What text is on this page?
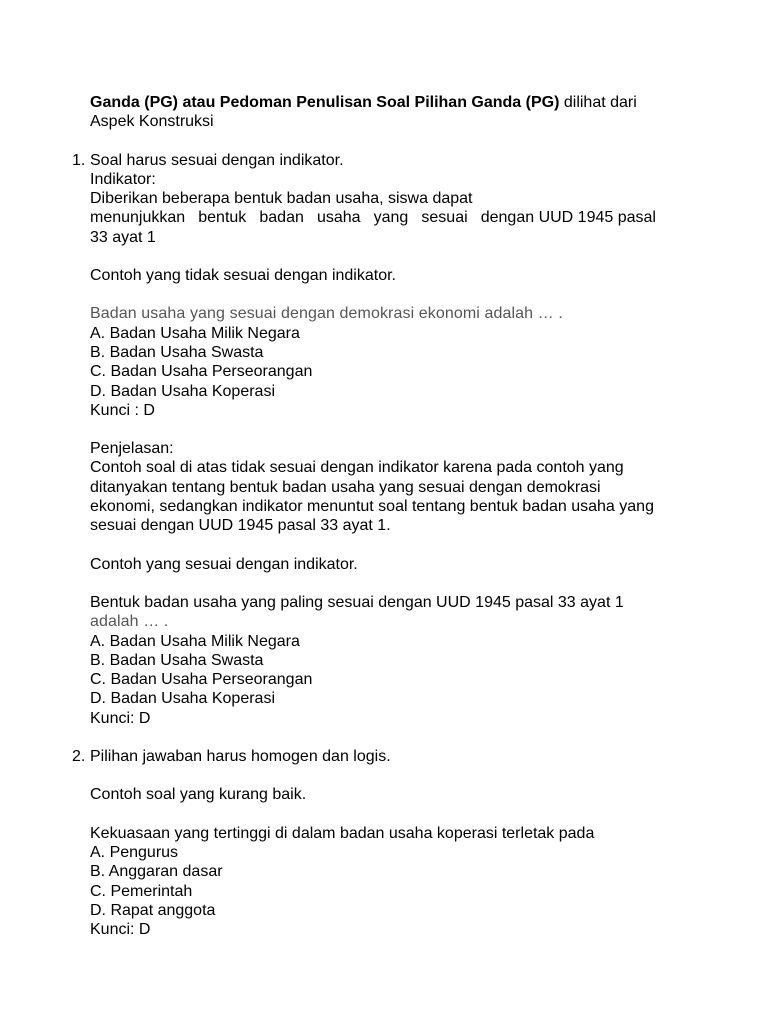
Ganda (PG) atau Pedoman Penulisan Soal Pilihan Ganda (PG) dilihat dari
Aspek Konstruksi
1. Soal harus sesuai dengan indikator.
Indikator:
Diberikan beberapa bentuk badan usaha, siswa dapat
menunjukkan bentuk badan usaha yang sesuai dengan UUD 1945 pasal
33 ayat 1
Contoh yang tidak sesuai dengan indikator.
Badan usaha yang sesuai dengan demokrasi ekonomi adalah … .
A. Badan Usaha Milik Negara
B. Badan Usaha Swasta
C. Badan Usaha Perseorangan
D. Badan Usaha Koperasi
Kunci : D
Penjelasan:
Contoh soal di atas tidak sesuai dengan indikator karena pada contoh yang
ditanyakan tentang bentuk badan usaha yang sesuai dengan demokrasi
ekonomi, sedangkan indikator menuntut soal tentang bentuk badan usaha yang
sesuai dengan UUD 1945 pasal 33 ayat 1.
Contoh yang sesuai dengan indikator.
Bentuk badan usaha yang paling sesuai dengan UUD 1945 pasal 33 ayat 1
adalah … .
A. Badan Usaha Milik Negara
B. Badan Usaha Swasta
C. Badan Usaha Perseorangan
D. Badan Usaha Koperasi
Kunci: D
2. Pilihan jawaban harus homogen dan logis.
Contoh soal yang kurang baik.
Kekuasaan yang tertinggi di dalam badan usaha koperasi terletak pada
A. Pengurus
B. Anggaran dasar
C. Pemerintah
D. Rapat anggota
Kunci: D
